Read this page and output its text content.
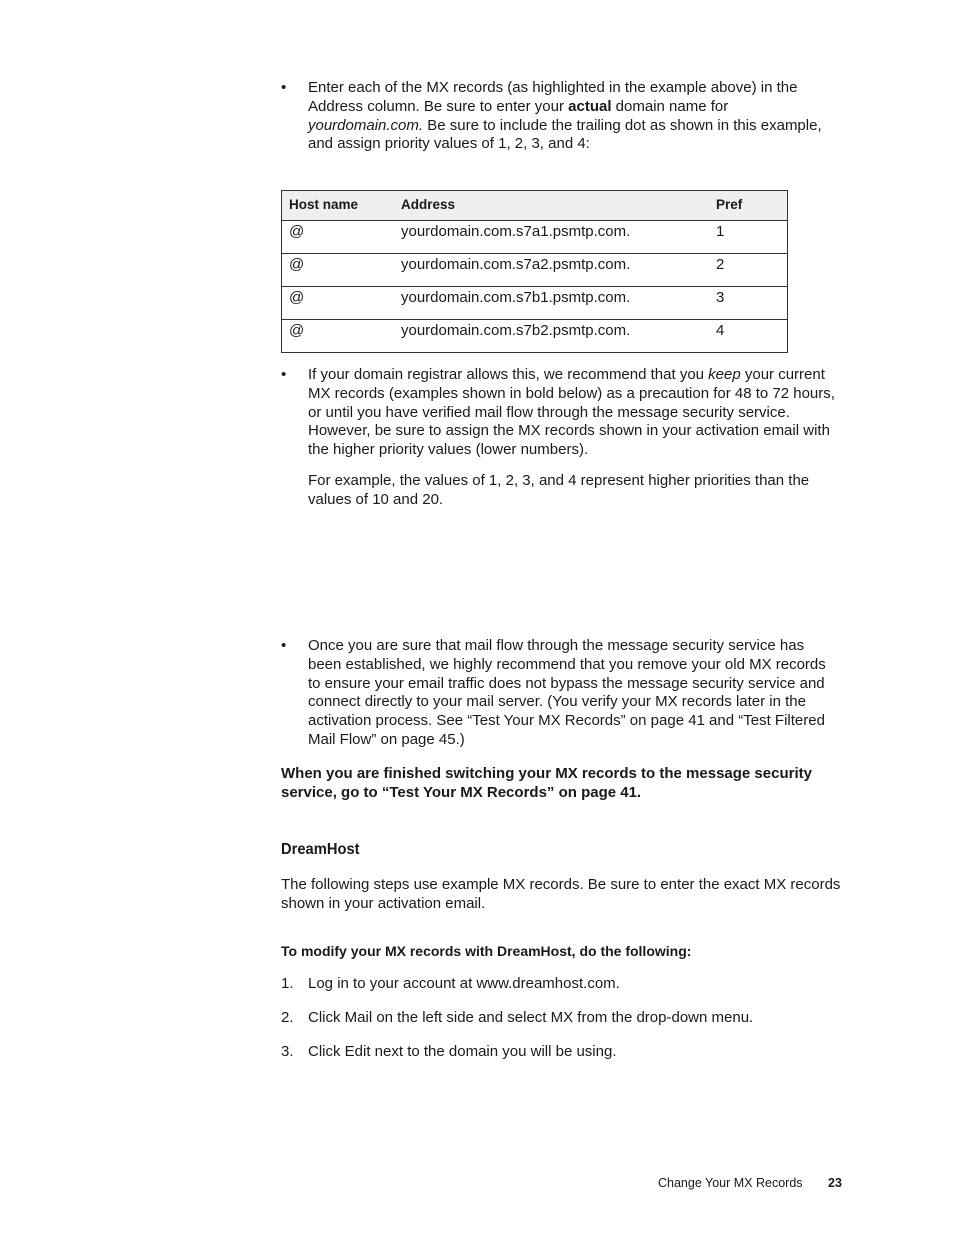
• Enter each of the MX records (as highlighted in the example above) in the Address column. Be sure to enter your actual domain name for yourdomain.com. Be sure to include the trailing dot as shown in this example, and assign priority values of 1, 2, 3, and 4:

Host name	Address	Pref
@	yourdomain.com.s7a1.psmtp.com.	1
@	yourdomain.com.s7a2.psmtp.com.	2
@	yourdomain.com.s7b1.psmtp.com.	3
@	yourdomain.com.s7b2.psmtp.com.	4
• If your domain registrar allows this, we recommend that you keep your current MX records (examples shown in bold below) as a precaution for 48 to 72 hours, or until you have verified mail flow through the message security service. However, be sure to assign the MX records shown in your activation email with the higher priority values (lower numbers).

For example, the values of 1, 2, 3, and 4 represent higher priorities than the values of 10 and 20.

• Once you are sure that mail flow through the message security service has been established, we highly recommend that you remove your old MX records to ensure your email traffic does not bypass the message security service and connect directly to your mail server. (You verify your MX records later in the activation process. See “Test Your MX Records” on page 41 and “Test Filtered Mail Flow” on page 45.)

When you are finished switching your MX records to the message security service, go to “Test Your MX Records” on page 41.

DreamHost

The following steps use example MX records. Be sure to enter the exact MX records shown in your activation email.

To modify your MX records with DreamHost, do the following:
1. Log in to your account at www.dreamhost.com.
2. Click Mail on the left side and select MX from the drop-down menu.
3. Click Edit next to the domain you will be using.
Change Your MX Records 23
